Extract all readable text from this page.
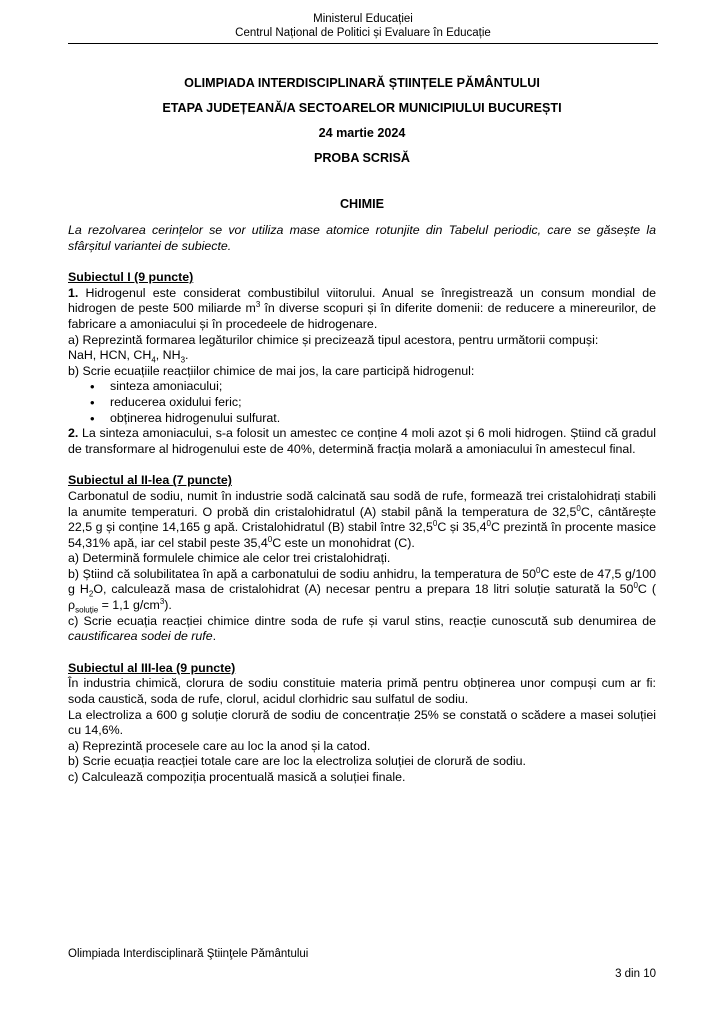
Ministerul Educației
Centrul Național de Politici și Evaluare în Educație
OLIMPIADA INTERDISCIPLINARĂ ȘTIINȚELE PĂMÂNTULUI
ETAPA JUDEȚEANĂ/A SECTOARELOR MUNICIPIULUI BUCUREȘTI
24 martie 2024
PROBA SCRISĂ
CHIMIE

La rezolvarea cerințelor se vor utiliza mase atomice rotunjite din Tabelul periodic, care se găsește la sfârșitul variantei de subiecte.

Subiectul I (9 puncte)

1. Hidrogenul este considerat combustibilul viitorului. Anual se înregistrează un consum mondial de hidrogen de peste 500 miliarde $m^3$ în diverse scopuri și în diferite domenii: de reducere a minereurilor, de fabricare a amoniacului și în procedeele de hidrogenare.

a) Reprezintă formarea legăturilor chimice și precizează tipul acestora, pentru următorii compuși:

NaH, HCN, $CH_4$, $NH_3$.

b) Scrie ecuațiile reacțiilor chimice de mai jos, la care participă hidrogenul:

• sinteza amoniacului;
• reducerea oxidului feric;
• obținerea hidrogenului sulfurat.

2. La sinteza amoniacului, s-a folosit un amestec ce conține 4 moli azot și 6 moli hidrogen. Știind că gradul de transformare al hidrogenului este de 40%, determină fracția molară a amoniacului în amestecul final.

Subiectul al II-lea (7 puncte)

Carbonatul de sodiu, numit în industrie sodă calcinată sau sodă de rufe, formează trei cristalohidrați stabili la anumite temperaturi. O probă din cristalohidratul (A) stabil până la temperatura de 32,5$^0$C, cântărește 22,5 g și conține 14,165 g apă. Cristalohidratul (B) stabil între 32,5$^0$C și 35,4$^0$C prezintă în procente masice 54,31% apă, iar cel stabil peste 35,4$^0$C este un monohidrat (C).

a) Determină formulele chimice ale celor trei cristalohidrați.

b) Știind că solubilitatea în apă a carbonatului de sodiu anhidru, la temperatura de $50^0C$ este de 47,5 g/100 g $H_2O$, calculează masa de cristalohidrat (A) necesar pentru a prepara 18 litri soluție saturată la $50^0C$ ( $\rho_{soluție} = 1,1$ $g/cm^3$).

c) Scrie ecuația reacției chimice dintre soda de rufe și varul stins, reacție cunoscută sub denumirea de caustificarea sodei de rufe.

Subiectul al III-lea (9 puncte)

În industria chimică, clorura de sodiu constituie materia primă pentru obținerea unor compuși cum ar fi: soda caustică, soda de rufe, clorul, acidul clorhidric sau sulfatul de sodiu.

La electroliza a 600 g soluție clorură de sodiu de concentrație 25% se constată o scădere a masei soluției cu 14,6%.

a) Reprezintă procesele care au loc la anod și la catod.

b) Scrie ecuația reacției totale care are loc la electroliza soluției de clorură de sodiu.

c) Calculează compoziția procentuală masică a soluției finale.

Olimpiada Interdisciplinară Ştiinţele Pământului
3 din 10
